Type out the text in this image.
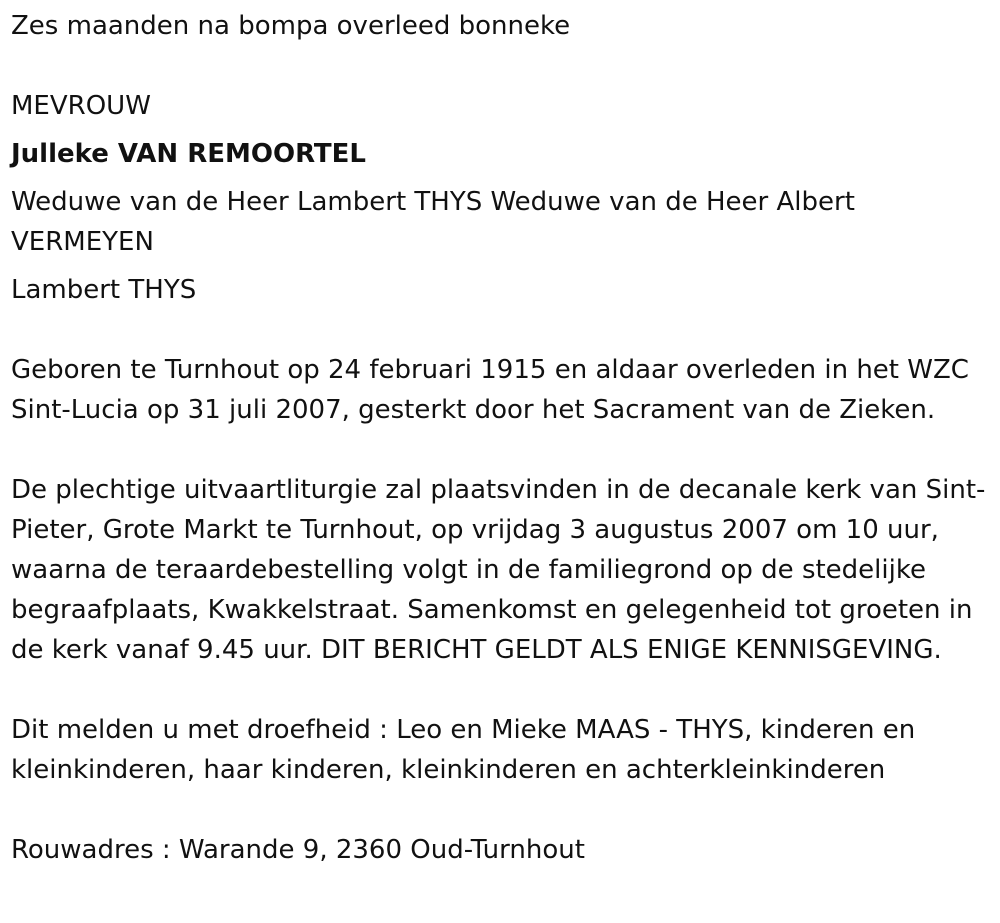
Zes maanden na bompa overleed bonneke

MEVROUW

Julleke VAN REMOORTEL

Weduwe van de Heer Lambert THYS Weduwe van de Heer Albert VERMEYEN

Lambert THYS

Geboren te Turnhout op 24 februari 1915 en aldaar overleden in het WZC Sint-Lucia op 31 juli 2007, gesterkt door het Sacrament van de Zieken.

De plechtige uitvaartliturgie zal plaatsvinden in de decanale kerk van Sint-Pieter, Grote Markt te Turnhout, op vrijdag 3 augustus 2007 om 10 uur, waarna de teraardebestelling volgt in de familiegrond op de stedelijke begraafplaats, Kwakkelstraat. Samenkomst en gelegenheid tot groeten in de kerk vanaf 9.45 uur. DIT BERICHT GELDT ALS ENIGE KENNISGEVING.

Dit melden u met droefheid : Leo en Mieke MAAS - THYS, kinderen en kleinkinderen, haar kinderen, kleinkinderen en achterkleinkinderen

Rouwadres : Warande 9, 2360 Oud-Turnhout
